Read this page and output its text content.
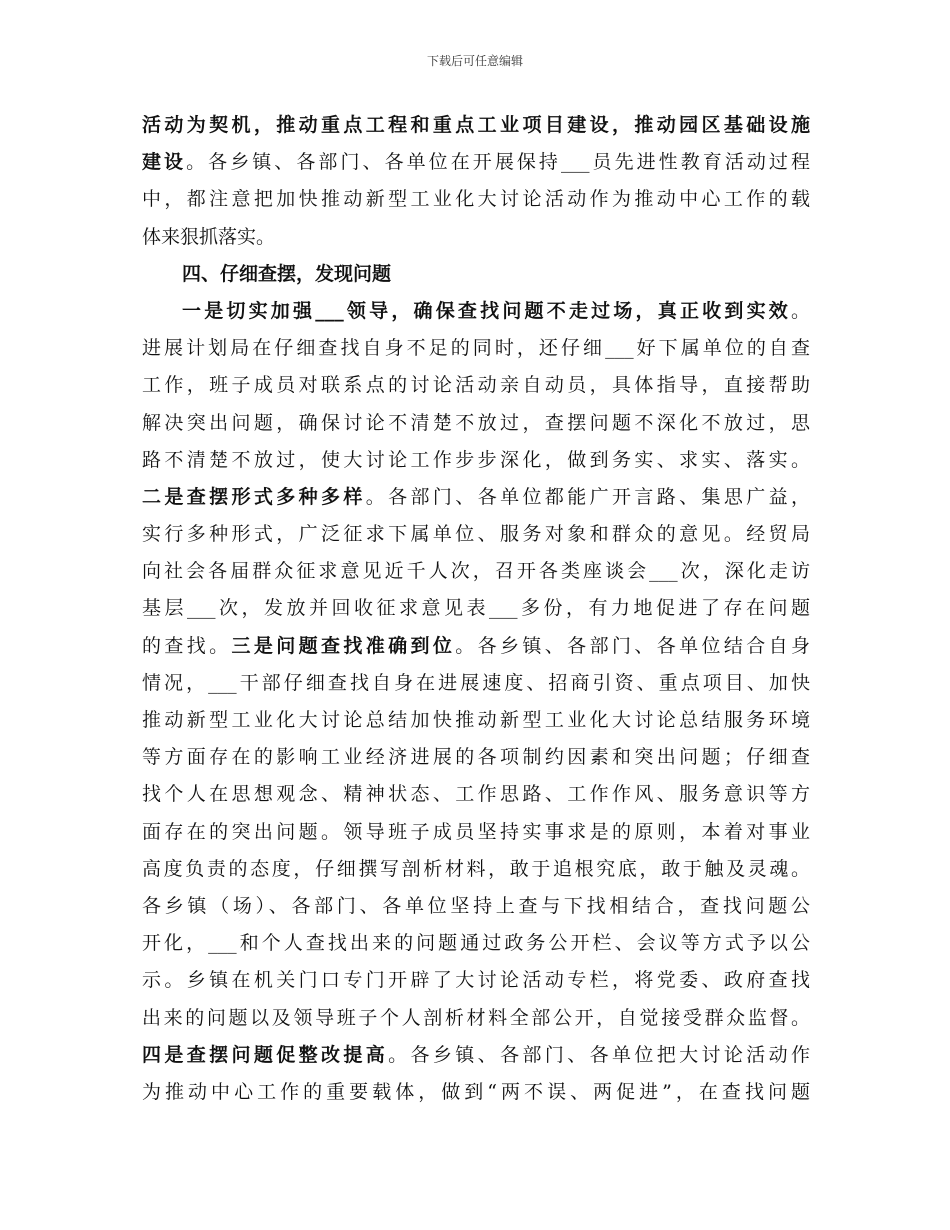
下载后可任意编辑
活动为契机，推动重点工程和重点工业项目建设，推动园区基础设施
建设。各乡镇、各部门、各单位在开展保持___员先进性教育活动过程
中，都注意把加快推动新型工业化大讨论活动作为推动中心工作的载
体来狠抓落实。
四、仔细查摆，发现问题
一是切实加强___领导，确保查找问题不走过场，真正收到实效。
进展计划局在仔细查找自身不足的同时，还仔细___好下属单位的自查
工作，班子成员对联系点的讨论活动亲自动员，具体指导，直接帮助
解决突出问题，确保讨论不清楚不放过，查摆问题不深化不放过，思
路不清楚不放过，使大讨论工作步步深化，做到务实、求实、落实。
二是查摆形式多种多样。各部门、各单位都能广开言路、集思广益，
实行多种形式，广泛征求下属单位、服务对象和群众的意见。经贸局
向社会各届群众征求意见近千人次，召开各类座谈会___次，深化走访
基层___次，发放并回收征求意见表___多份，有力地促进了存在问题
的查找。三是问题查找准确到位。各乡镇、各部门、各单位结合自身
情况，___干部仔细查找自身在进展速度、招商引资、重点项目、加快
推动新型工业化大讨论总结加快推动新型工业化大讨论总结服务环境
等方面存在的影响工业经济进展的各项制约因素和突出问题；仔细查
找个人在思想观念、精神状态、工作思路、工作作风、服务意识等方
面存在的突出问题。领导班子成员坚持实事求是的原则，本着对事业
高度负责的态度，仔细撰写剖析材料，敢于追根究底，敢于触及灵魂。
各乡镇（场）、各部门、各单位坚持上查与下找相结合，查找问题公
开化，___和个人查找出来的问题通过政务公开栏、会议等方式予以公
示。乡镇在机关门口专门开辟了大讨论活动专栏，将党委、政府查找
出来的问题以及领导班子个人剖析材料全部公开，自觉接受群众监督。
四是查摆问题促整改提高。各乡镇、各部门、各单位把大讨论活动作
为推动中心工作的重要载体，做到“两不误、两促进”，在查找问题
